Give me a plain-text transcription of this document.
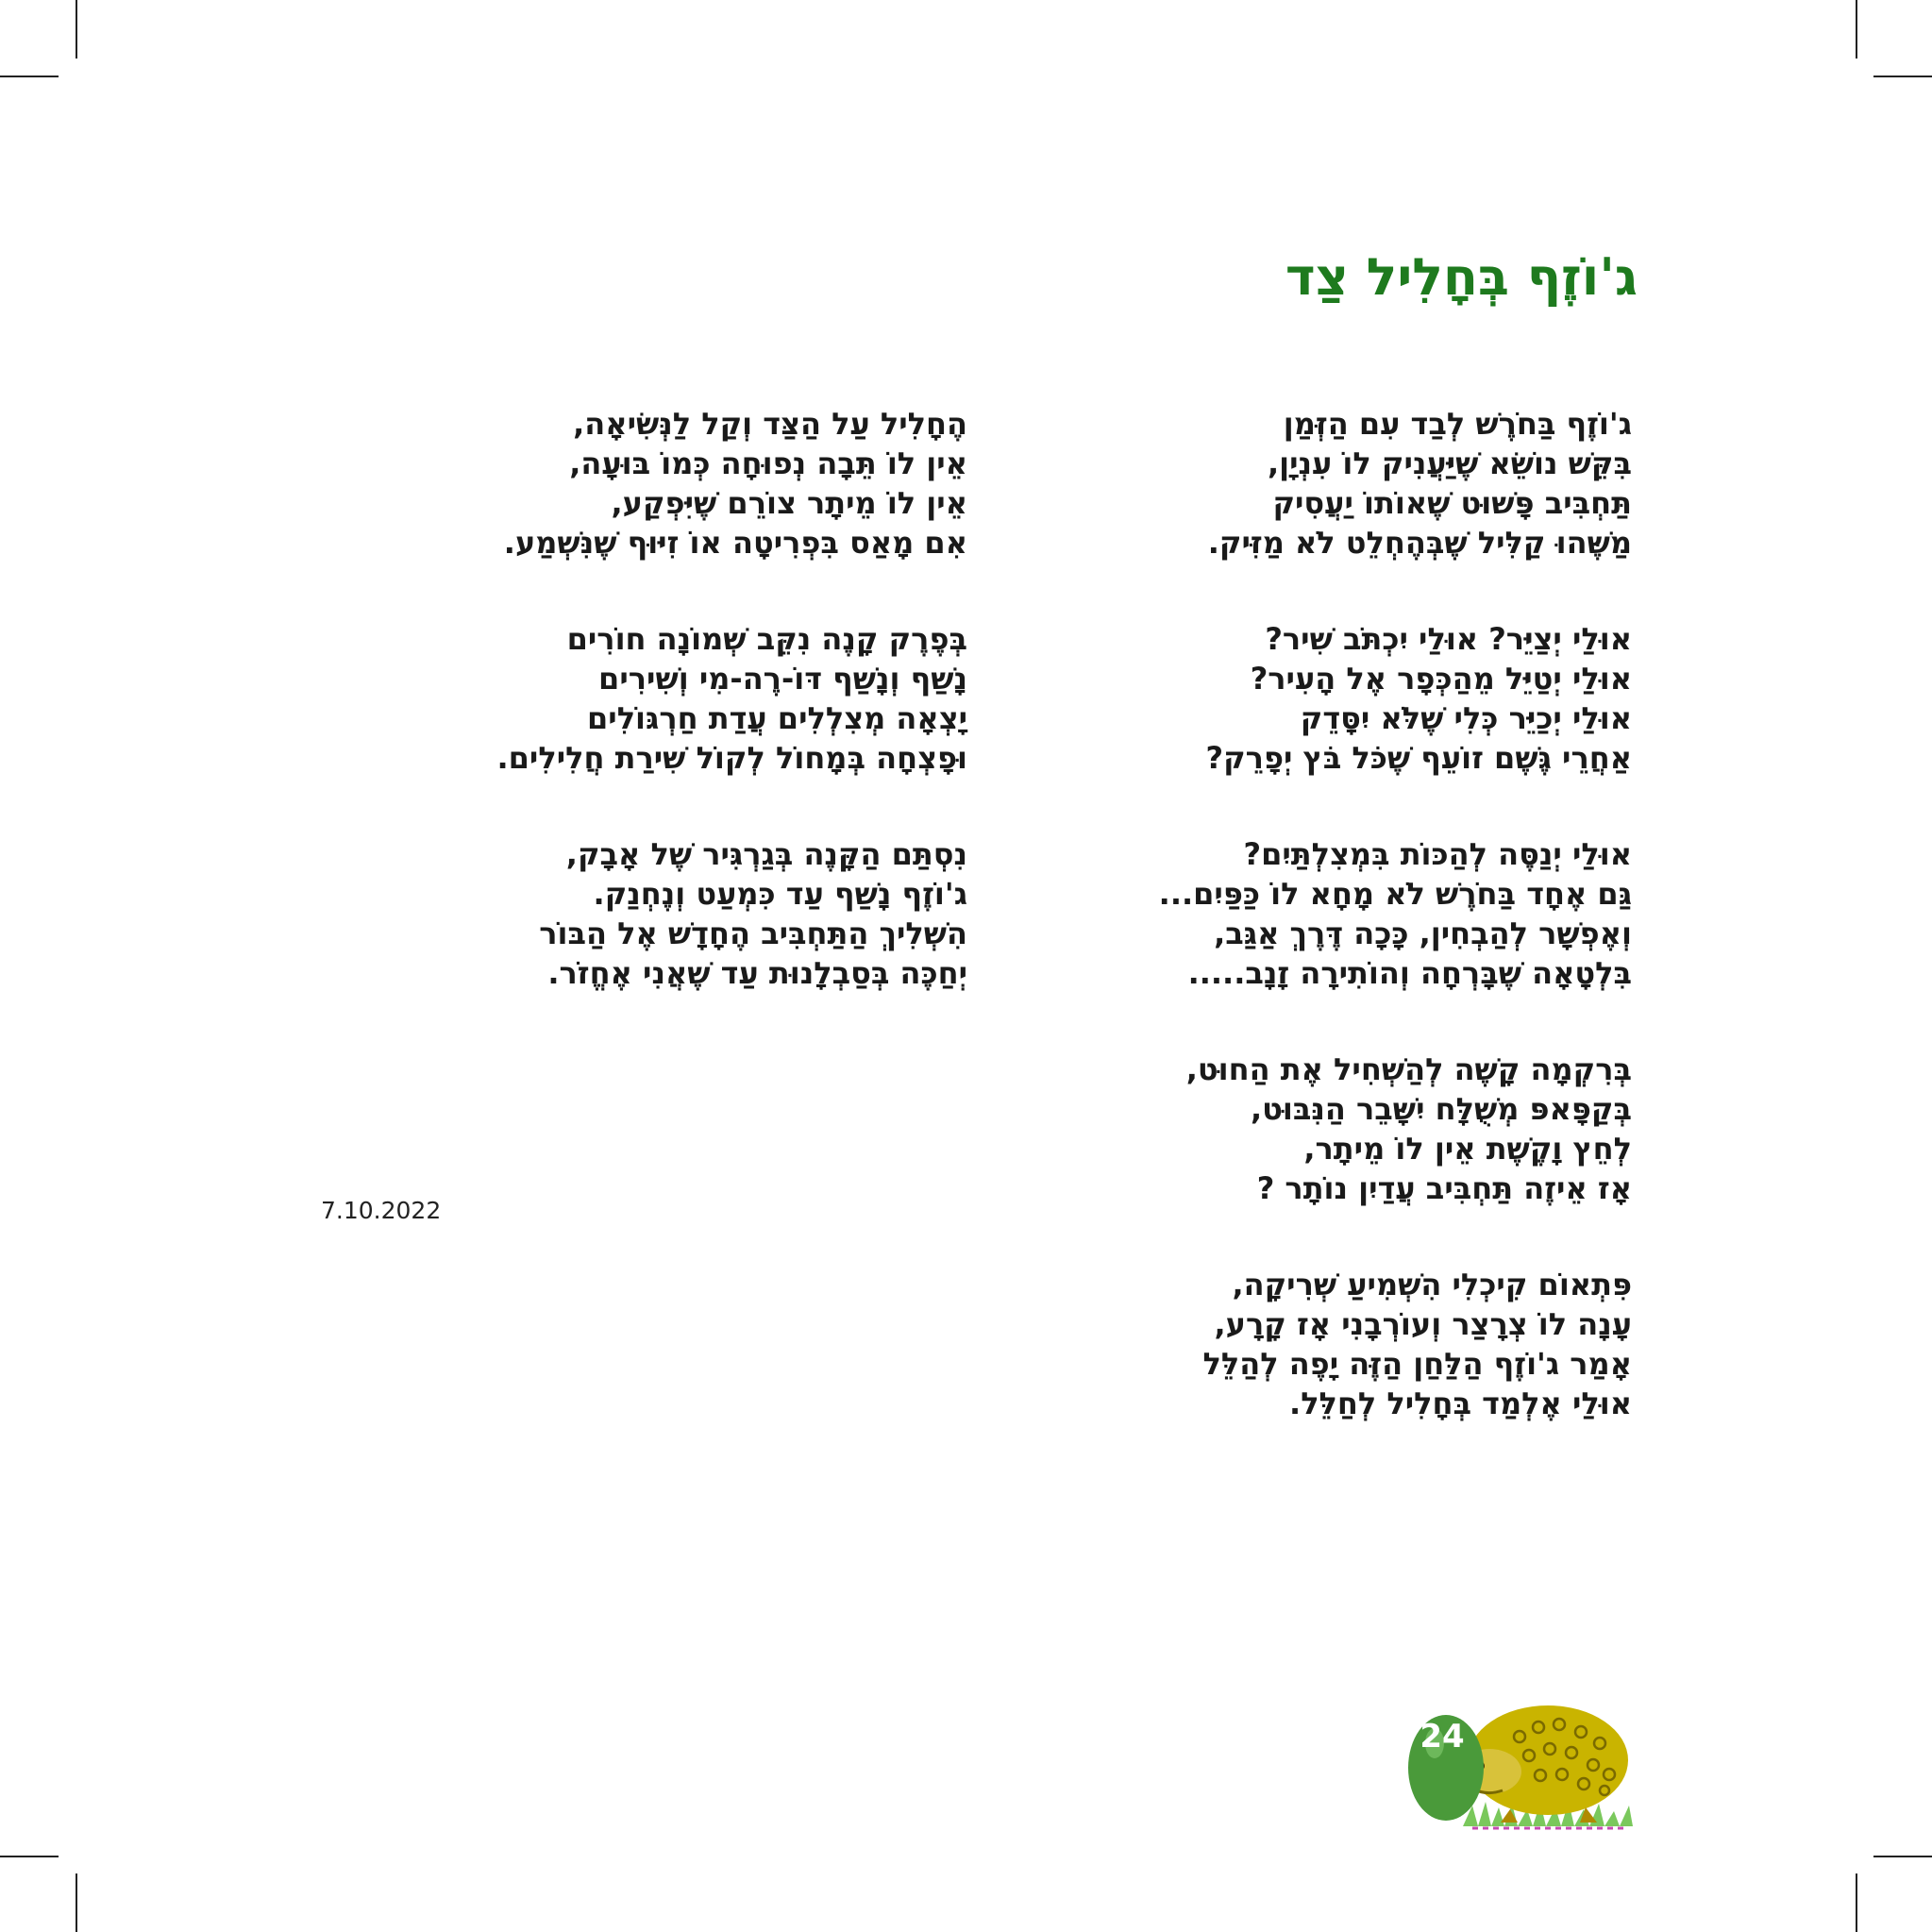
ג'וֹזֶף בְּחָלִיל צַד
ג'וֹזֶף בַּחֹרֶשׁ לְבַד עִם הַזְּמַן
בִּקֵּשׁ נוֹשֵׂא שֶׁיַּעֲנִיק לוֹ עִנְיָן,
תַּחְבִּיב פָּשׁוּט שֶׁאוֹתוֹ יַעֲסִיק
מַשֶּׁהוּ קַלִּיל שֶׁבְּהֶחְלֵט לֹא מַזִּיק.
אוּלַי יְצַיֵּר? אוּלַי יִכְתֹּב שִׁיר?
אוּלַי יְטַיֵּל מֵהַכְּפָר אֶל הָעִיר?
אוּלַי יְכַיֵּר כְּלִי שֶׁלֹּא יִסָּדֵק
אַחֲרֵי גֶּשֶׁם זוֹעֵף שֶׁכֹּל בֹּץ יְפָרֵק?
אוּלַי יְנַסֶּה לְהַכּוֹת בִּמְצִלְתַּיִם?
גַּם אֶחָד בַּחֹרֶשׁ לֹא מָחָא לוֹ כַּפַּיִם...
וְאֶפְשָׁר לְהַבְחִין, כָּכָה דֶּרֶךְ אַגַּב,
בִּלְטָאָה שֶׁבָּרְחָה וְהוֹתִירָה זָנָב.....
בְּרִקְמָה קָשֶׁה לְהַשְׁחִיל אֶת הַחוּט,
בְּקַפָּאפּ מְשֻׁלָּח יִשָּׁבֵר הַנִּבּוּט,
לְחֵץ וָקֶשֶׁת אֵין לוֹ מֵיתָר,
אָז אֵיזֶה תַּחְבִּיב עֲדַיִן נוֹתָר ?
פִּתְאוֹם קִיכְלִי הִשְׁמִיעַ שְׁרִיקָה,
עָנָה לוֹ צְרָצַר וְעוֹרְבָנִי אָז קָרָע,
אָמַר ג'וֹזֶף הַלַּחַן הַזֶּה יָפֶה לְהַלֵּל
אוּלַי אֶלְמַד בְּחָלִיל לְחַלֵּל.
הֶחָלִיל עַל הַצַּד וְקַל לַנְּשִׂיאָה,
אֵין לוֹ תֵּבָה נְפוּחָה כְּמוֹ בּוּעָה,
אֵין לוֹ מֵיתָר צוֹרֵם שֶׁיִּפְקַע,
אִם מָאַס בִּפְרִיטָה אוֹ זִיּוּף שֶׁנִּשְׁמַע.
בְּפֶרֶק קָנֶה נִקֵּב שְׁמוֹנָה חוֹרִים
נָשַׁף וְנָשַׁף דּוֹ-רֶה-מִי וְשִׁירִים
יָצְאָה מְצִלְלִים עֲדַת חַרְגּוֹלִים
וּפָצְחָה בְּמָחוֹל לְקוֹל שִׁירַת חֲלִילִים.
נִסְתַּם הַקָּנֶה בְּגַרְגִּיר שֶׁל אָבָק,
ג'וֹזֶף נָשַׁף עַד כִּמְעַט וְנֶחְנַק.
הִשְׁלִיךְ הַתַּחְבִּיב הֶחָדָשׁ אֶל הַבּוֹר
יְחַכֶּה בְּסַבְלָנוּת עַד שֶׁאֲנִי אֶחֱזֹר.
7.10.2022
24
